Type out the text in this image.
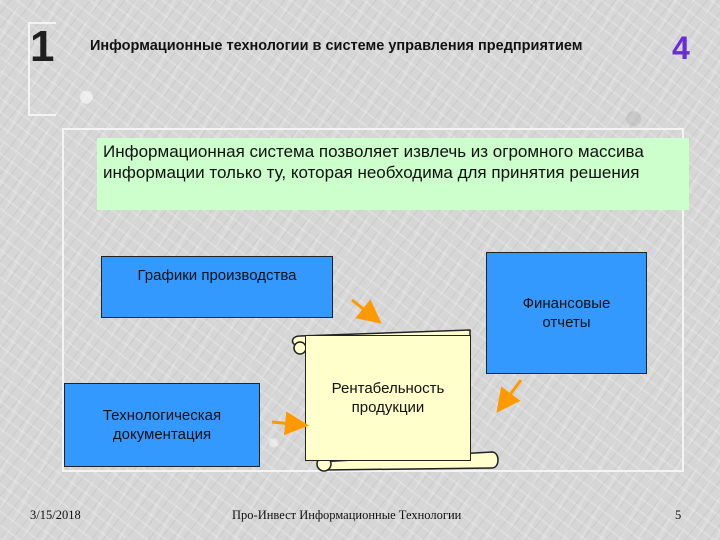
1 Информационные технологии в системе управления предприятием	4
Информационная система позволяет извлечь из огромного массива информации только ту, которая необходима для принятия решения
Графики производства
Финансовые отчеты
Технологическая документация
Рентабельность продукции
3/15/2018	Про-Инвест Информационные Технологии	5
